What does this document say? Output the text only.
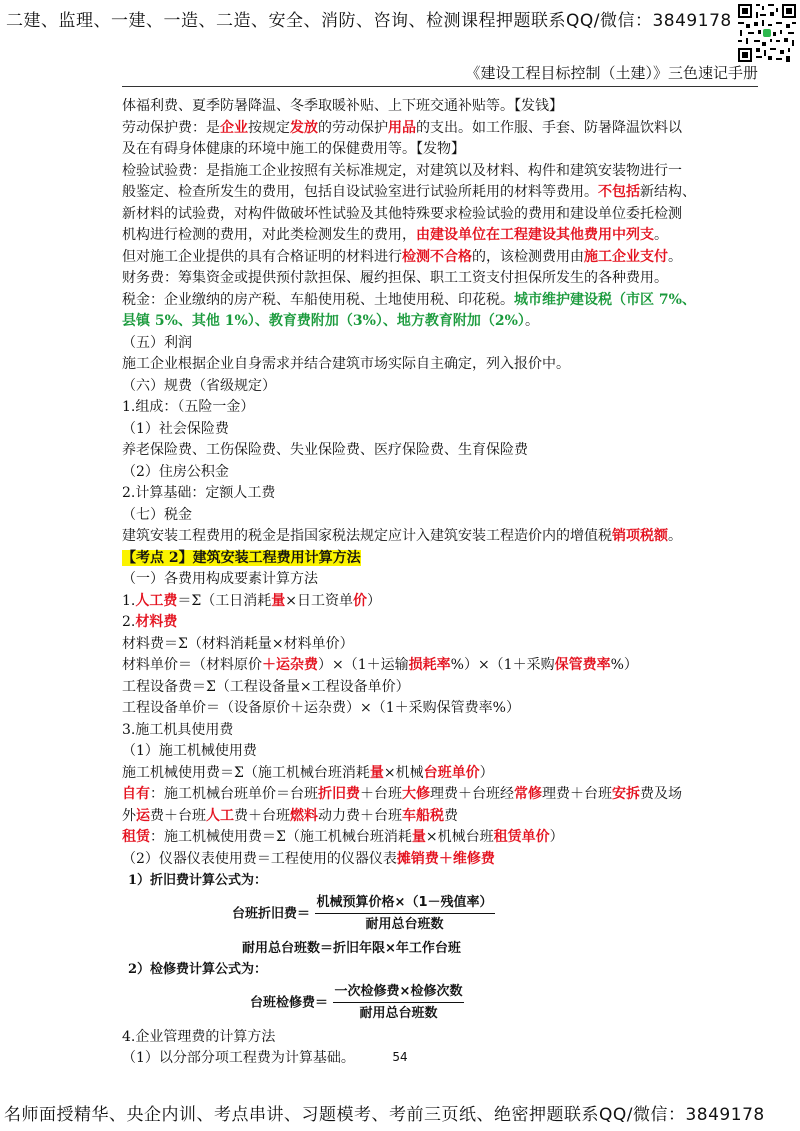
二建、监理、一建、一造、二造、安全、消防、咨询、检测课程押题联系QQ/微信：3849178
《建设工程目标控制（土建）》三色速记手册

体福利费、夏季防暑降温、冬季取暖补贴、上下班交通补贴等。【发钱】

劳动保护费：是企业按规定发放的劳动保护用品的支出。如工作服、手套、防暑降温饮料以

及在有碍身体健康的环境中施工的保健费用等。【发物】

检验试验费：是指施工企业按照有关标准规定，对建筑以及材料、构件和建筑安装物进行一

般鉴定、检查所发生的费用，包括自设试验室进行试验所耗用的材料等费用。不包括新结构、

新材料的试验费，对构件做破坏性试验及其他特殊要求检验试验的费用和建设单位委托检测

机构进行检测的费用，对此类检测发生的费用，由建设单位在工程建设其他费用中列支。

但对施工企业提供的具有合格证明的材料进行检测不合格的，该检测费用由施工企业支付。

财务费：筹集资金或提供预付款担保、履约担保、职工工资支付担保所发生的各种费用。

税金：企业缴纳的房产税、车船使用税、土地使用税、印花税。城市维护建设税（市区 7%、

县镇 5%、其他 1%）、教育费附加（3%）、地方教育附加（2%）。

（五）利润

施工企业根据企业自身需求并结合建筑市场实际自主确定，列入报价中。

（六）规费（省级规定）

1.组成：（五险一金）

（1）社会保险费

养老保险费、工伤保险费、失业保险费、医疗保险费、生育保险费

（2）住房公积金

2.计算基础：定额人工费

（七）税金

建筑安装工程费用的税金是指国家税法规定应计入建筑安装工程造价内的增值税销项税额。

【考点 2】建筑安装工程费用计算方法

（一）各费用构成要素计算方法

1.人工费＝Σ（工日消耗量×日工资单价）

2.材料费

材料费＝Σ（材料消耗量×材料单价）

材料单价＝（材料原价＋运杂费）×（1＋运输损耗率%）×（1＋采购保管费率%）

工程设备费＝Σ（工程设备量×工程设备单价）

工程设备单价＝（设备原价＋运杂费）×（1＋采购保管费率%）

3.施工机具使用费

（1）施工机械使用费

施工机械使用费＝Σ（施工机械台班消耗量×机械台班单价）

自有：施工机械台班单价＝台班折旧费＋台班大修理费＋台班经常修理费＋台班安拆费及场

外运费＋台班人工费＋台班燃料动力费＋台班车船税费

租赁：施工机械使用费＝Σ（施工机械台班消耗量×机械台班租赁单价）

（2）仪器仪表使用费＝工程使用的仪器仪表摊销费＋维修费

1）折旧费计算公式为：

台班折旧费＝ $\frac{\text{机械预算价格×（1－残值率）}}{\text{耐用总台班数}}$

耐用总台班数＝折旧年限×年工作台班

2）检修费计算公式为：

台班检修费＝ $\frac{\text{一次检修费×检修次数}}{\text{耐用总台班数}}$

4.企业管理费的计算方法

（1）以分部分项工程费为计算基础。	54
名师面授精华、央企内训、考点串讲、习题模考、考前三页纸、绝密押题联系QQ/微信：3849178
